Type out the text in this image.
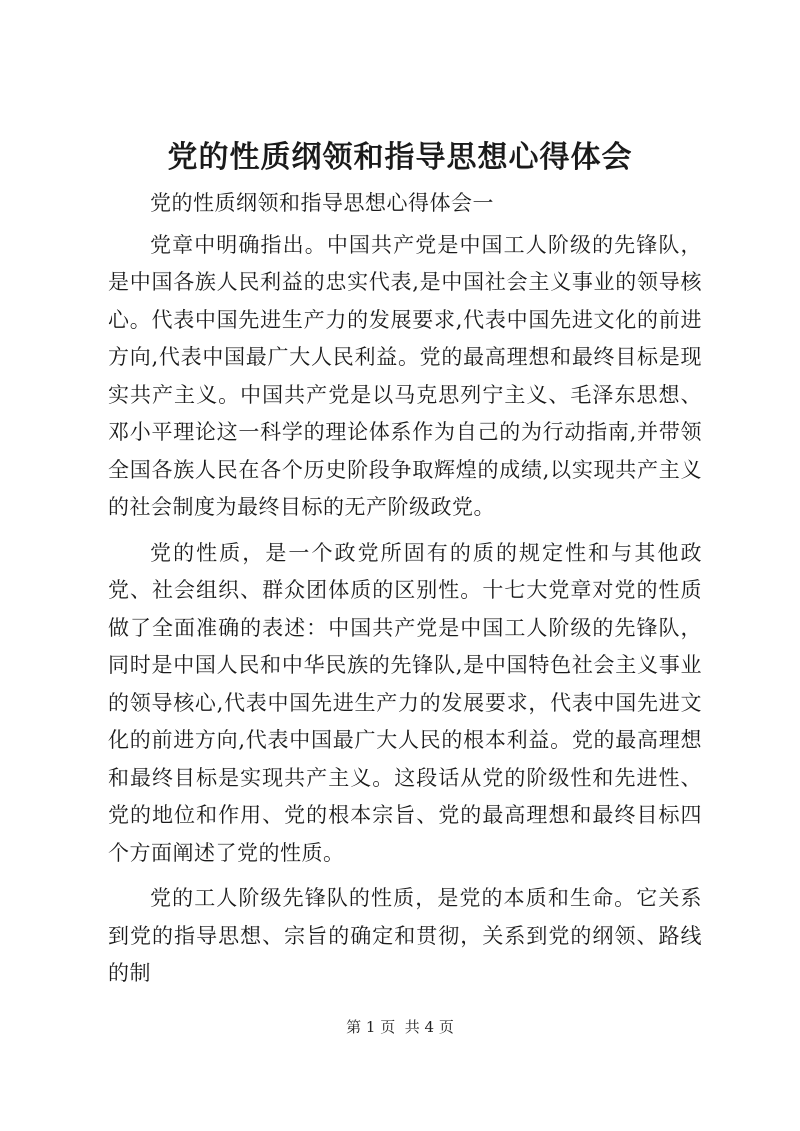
党的性质纲领和指导思想心得体会

党的性质纲领和指导思想心得体会一

党章中明确指出。中国共产党是中国工人阶级的先锋队，是中国各族人民利益的忠实代表,是中国社会主义事业的领导核心。代表中国先进生产力的发展要求,代表中国先进文化的前进方向,代表中国最广大人民利益。党的最高理想和最终目标是现实共产主义。中国共产党是以马克思列宁主义、毛泽东思想、邓小平理论这一科学的理论体系作为自己的为行动指南,并带领全国各族人民在各个历史阶段争取辉煌的成绩,以实现共产主义的社会制度为最终目标的无产阶级政党。

党的性质，是一个政党所固有的质的规定性和与其他政党、社会组织、群众团体质的区别性。十七大党章对党的性质做了全面准确的表述：中国共产党是中国工人阶级的先锋队，同时是中国人民和中华民族的先锋队,是中国特色社会主义事业的领导核心,代表中国先进生产力的发展要求，代表中国先进文化的前进方向,代表中国最广大人民的根本利益。党的最高理想和最终目标是实现共产主义。这段话从党的阶级性和先进性、党的地位和作用、党的根本宗旨、党的最高理想和最终目标四个方面阐述了党的性质。

党的工人阶级先锋队的性质，是党的本质和生命。它关系到党的指导思想、宗旨的确定和贯彻，关系到党的纲领、路线的制

第 1 页  共 4 页
